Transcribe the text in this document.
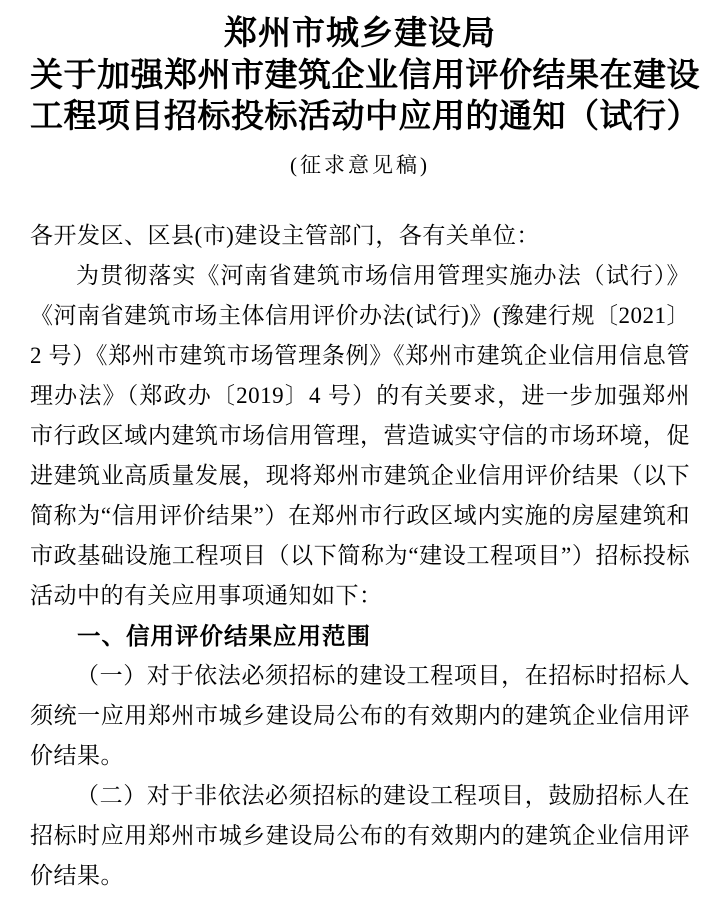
郑州市城乡建设局
关于加强郑州市建筑企业信用评价结果在建设
工程项目招标投标活动中应用的通知（试行）
(征求意见稿)

各开发区、区县(市)建设主管部门，各有关单位：

为贯彻落实《河南省建筑市场信用管理实施办法（试行）》《河南省建筑市场主体信用评价办法(试行)》(豫建行规〔2021〕2 号）《郑州市建筑市场管理条例》《郑州市建筑企业信用信息管理办法》（郑政办〔2019〕4 号）的有关要求，进一步加强郑州市行政区域内建筑市场信用管理，营造诚实守信的市场环境，促进建筑业高质量发展，现将郑州市建筑企业信用评价结果（以下简称为“信用评价结果”）在郑州市行政区域内实施的房屋建筑和市政基础设施工程项目（以下简称为“建设工程项目”）招标投标活动中的有关应用事项通知如下：

一、信用评价结果应用范围

（一）对于依法必须招标的建设工程项目，在招标时招标人须统一应用郑州市城乡建设局公布的有效期内的建筑企业信用评价结果。

（二）对于非依法必须招标的建设工程项目，鼓励招标人在招标时应用郑州市城乡建设局公布的有效期内的建筑企业信用评价结果。
